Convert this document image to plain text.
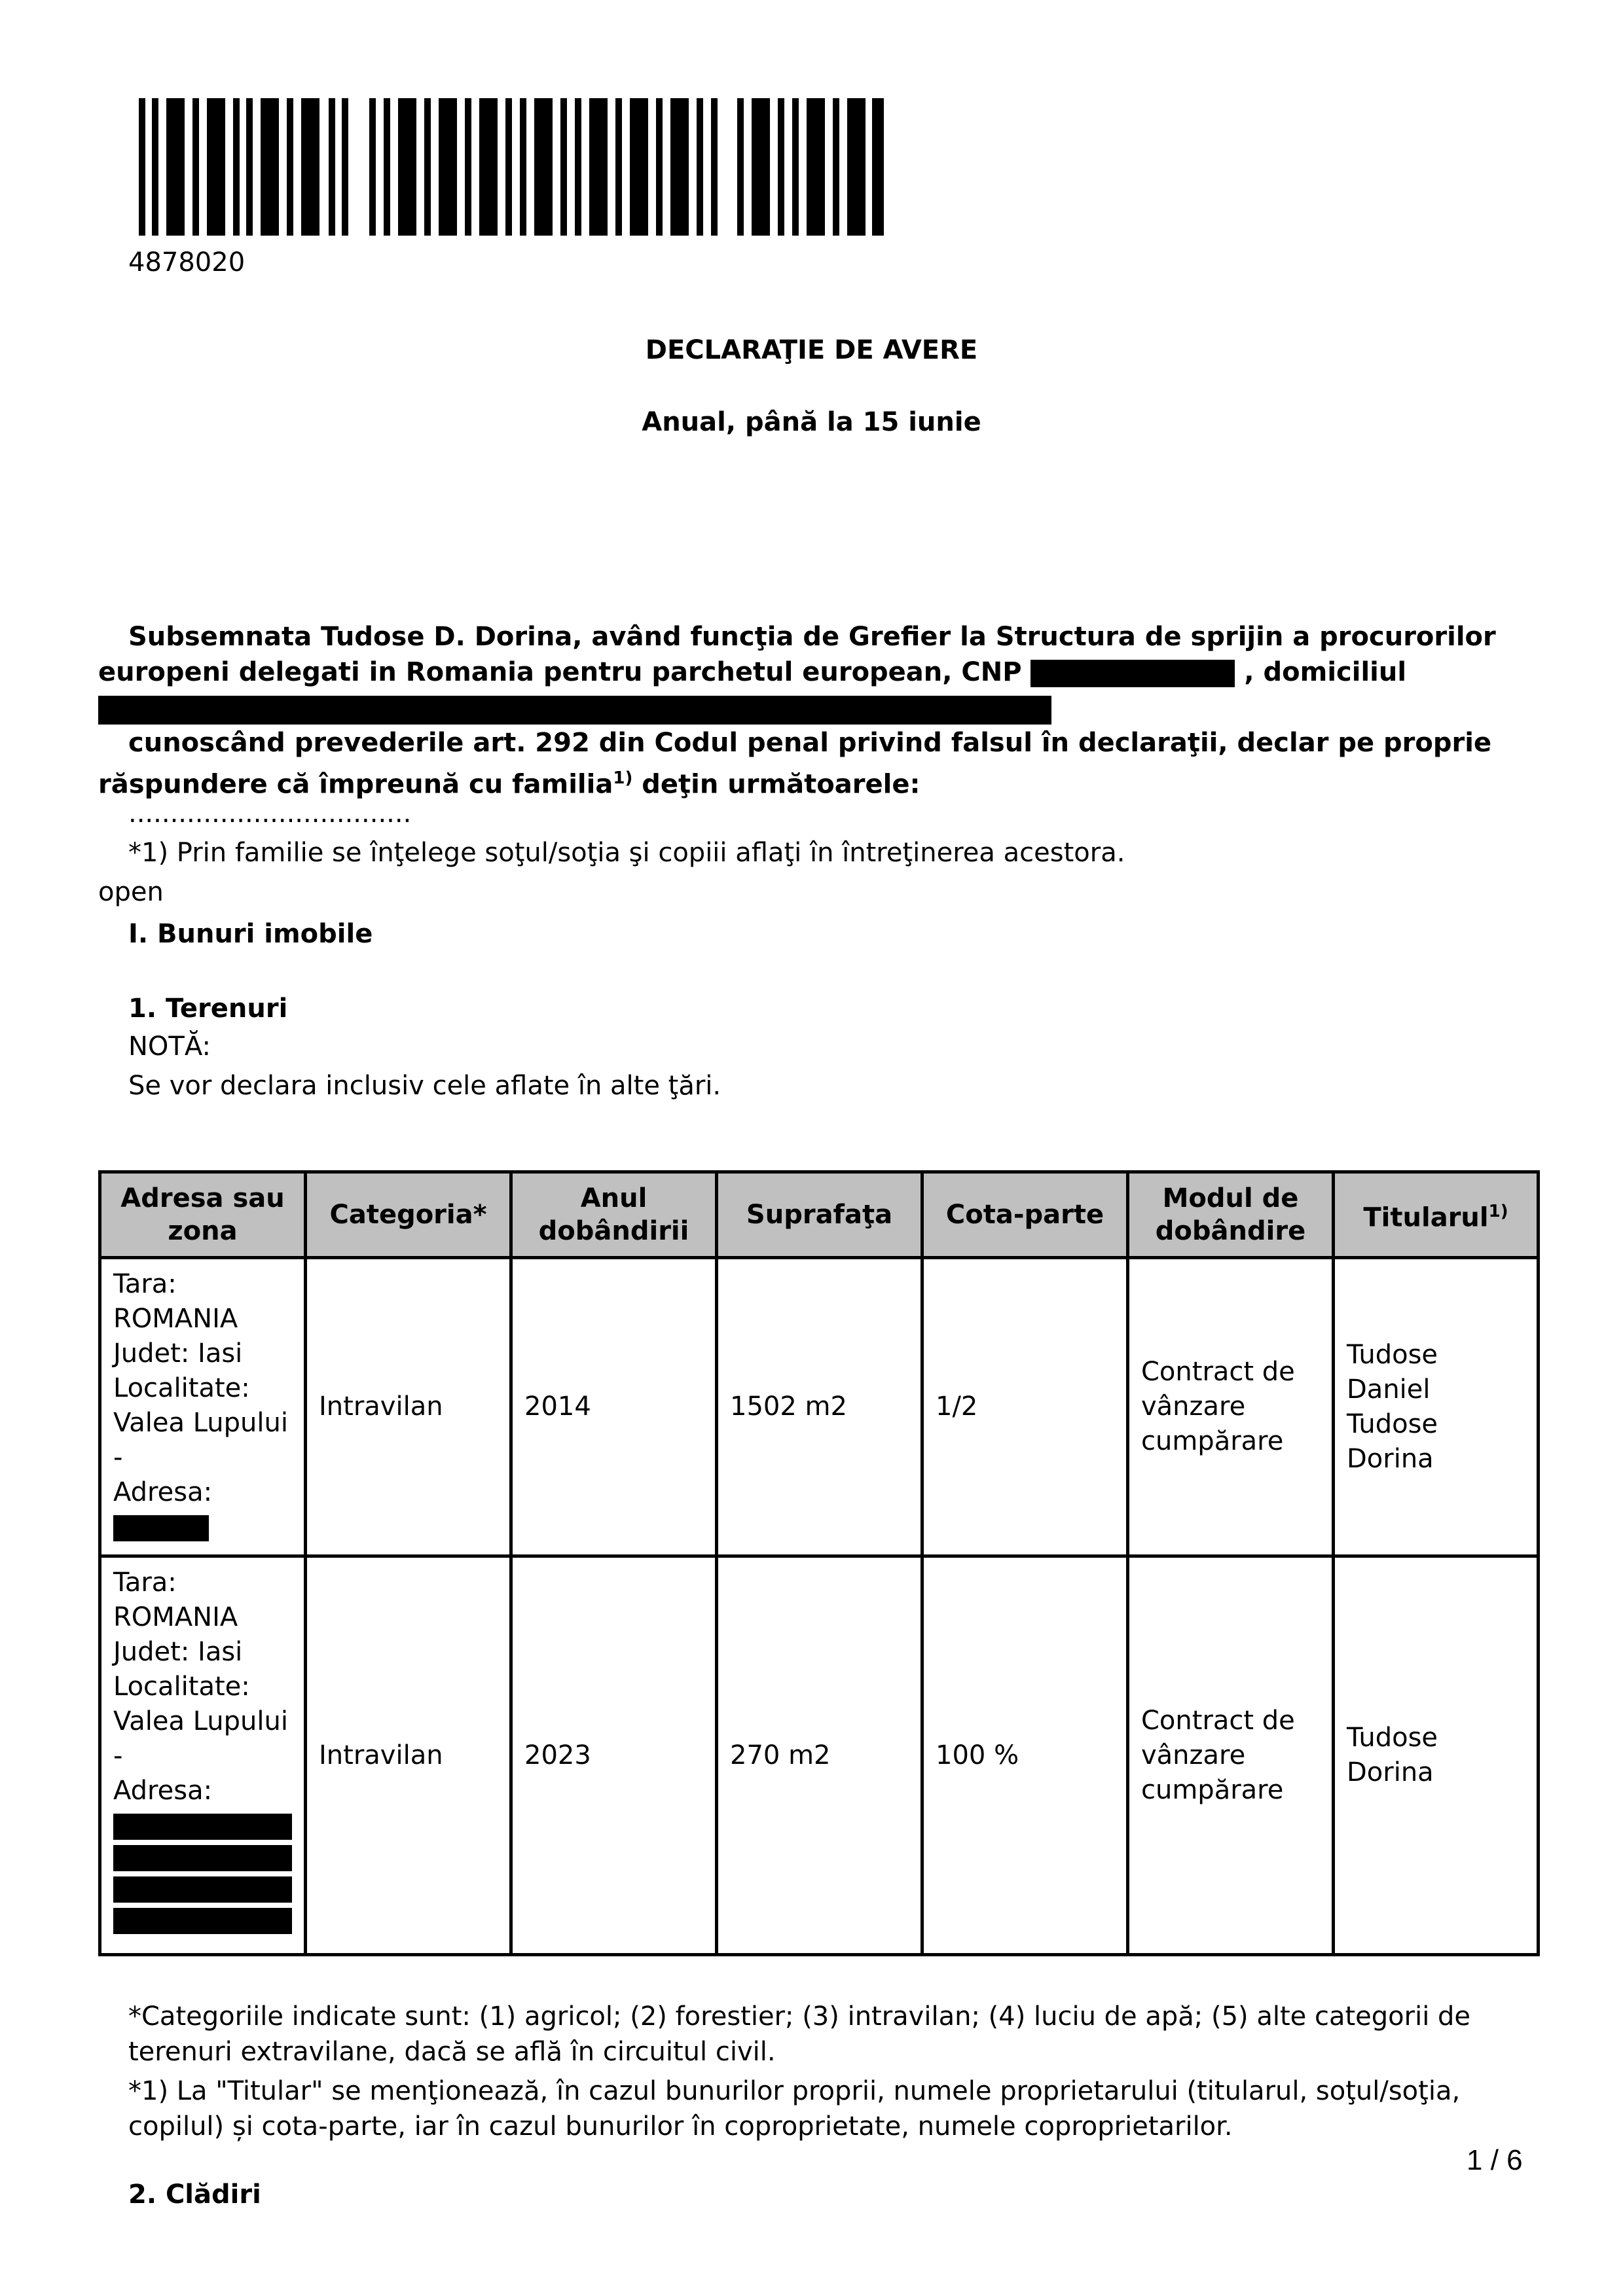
4878020
DECLARAŢIE DE AVERE
Anual, până la 15 iunie
Subsemnata Tudose D. Dorina, având funcţia de Grefier la Structura de sprijin a procurorilor
europeni delegati in Romania pentru parchetul european, CNP	, domiciliul
cunoscând prevederile art. 292 din Codul penal privind falsul în declaraţii, declar pe proprie
răspundere că împreună cu familia$^{1)}$ deţin următoarele:
..................................
*1) Prin familie se înţelege soţul/soţia şi copiii aflaţi în întreţinerea acestora.
open
I. Bunuri imobile
1. Terenuri
NOTĂ:
Se vor declara inclusiv cele aflate în alte ţări.
Adresa sau zona	Categoria*	Anul dobândirii	Suprafaţa	Cota-parte	Modul de dobândire	Titularul$^{1)}$

Tara: ROMANIA
Judet: Iasi
Localitate: Valea Lupului -
Adresa:	Intravilan	2014	1502 m2	1/2	Contract de vânzare cumpărare	Tudose Daniel Tudose Dorina

Tara: ROMANIA
Judet: Iasi
Localitate: Valea Lupului -
Adresa:	Intravilan	2023	270 m2	100 %	Contract de vânzare cumpărare	Tudose Dorina
*Categoriile indicate sunt: (1) agricol; (2) forestier; (3) intravilan; (4) luciu de apă; (5) alte categorii de terenuri extravilane, dacă se află în circuitul civil.
*1) La "Titular" se menţionează, în cazul bunurilor proprii, numele proprietarului (titularul, soţul/soţia, copilul) și cota-parte, iar în cazul bunurilor în coproprietate, numele coproprietarilor.
2. Clădiri
1 / 6
